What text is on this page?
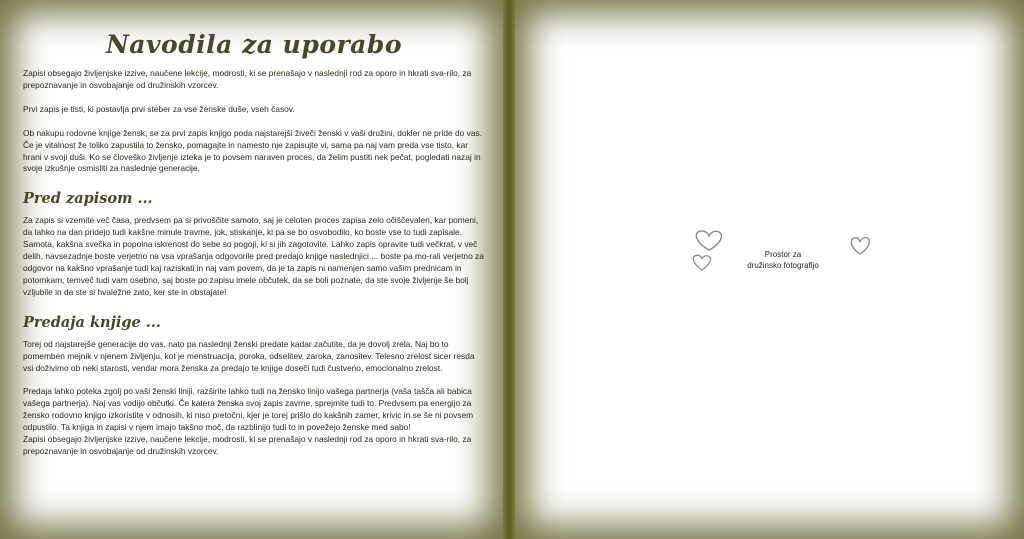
Navodila za uporabo

Zapisi obsegajo življenjske izzive, naučene lekcije, modrosti, ki se prenašajo v naslednji rod za oporo in hkrati sva-rilo, za prepoznavanje in osvobajanje od družinskih vzorcev.

Prvi zapis je tisti, ki postavlja prvi steber za vse ženske duše, vseh časov.

Ob nakupu rodovne knjige žensk, se za prvi zapis knjigo poda najstarejši živeči ženski v vaši družini, dokler ne pride do vas. Če je vitalnost že toliko zapustila to žensko, pomagajte in namesto nje zapisujte vi, sama pa naj vam preda vse tisto, kar hrani v svoji duši. Ko se človeško življenje izteka je to povsem naraven proces, da želim pustiti nek pečat, pogledati nazaj in svoje izkušnje osmisliti za naslednje generacije.

Pred zapisom ...

Za zapis si vzemite več časa, predvsem pa si privoščite samoto, saj je celoten proces zapisa zelo očiščevalen, kar pomeni, da lahko na dan pridejo tudi kakšne minule travme, jok, stiskanje, ki pa se bo osvobodilo, ko boste vse to tudi zapisale.

Samota, kakšna svečka in popolna iskrenost do sebe so pogoji, ki si jih zagotovite. Lahko zapis opravite tudi večkrat, v več delih, navsezadnje boste verjetno na vsa vprašanja odgovorile pred predajo knjige naslednjici ... boste pa mo-rali verjetno za odgovor na kakšno vprašanje tudi kaj raziskati in naj vam povem, da je ta zapis ni namenjen samo vašim prednicam in potomkam, temveč tudi vam osebno, saj boste po zapisu imele občutek, da se boli poznate, da ste svoje življenje še bolj vzljubile in da ste si hvaležne zato, ker ste in obstajate!

Predaja knjige ...

Torej od najstarejše generacije do vas, nato pa naslednji ženski predate kadar začutite, da je dovolj zrela. Naj bo to pomemben mejnik v njenem življenju, kot je menstruacija, poroka, odselitev, zaroka, zanositev. Telesno zrelost sicer resda vsi doživimo ob neki starosti, vendar mora ženska za predajo te knjige doseči tudi čustveno, emocionalno zrelost.

Predaja lahko poteka zgolj po vaši ženski liniji, razširite lahko tudi na žensko linijo vašega partnerja (vaša tašča ali babica vašega partnerja). Naj vas vodijo občutki. Če katera ženska svoj zapis zavrne, sprejmite tudi to. Predvsem pa energijo za žensko rodovno knjigo izkoristite v odnosih, ki niso pretočni, kjer je torej prišlo do kakšnih zamer, krivic in se še ni povsem odpustilo. Ta knjiga in zapisi v njem imajo takšno moč, da razblinijo tudi to in povežejo ženske med sabo!

Zapisi obsegajo življenjske izzive, naučene lekcije, modrosti, ki se prenašajo v naslednji rod za oporo in hkrati sva-rilo, za prepoznavanje in osvobajanje od družinskih vzorcev.

Prostor za
družinsko fotografijo
